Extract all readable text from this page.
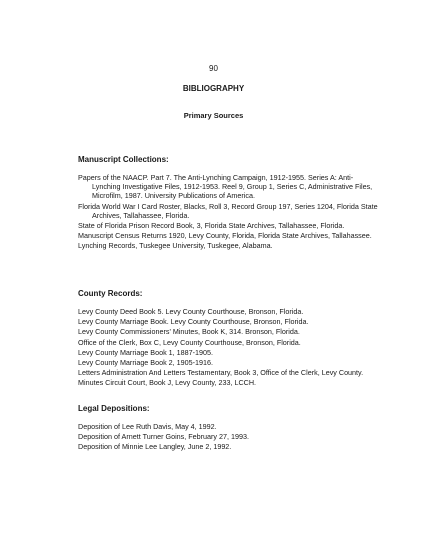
90
BIBLIOGRAPHY
Primary Sources
Manuscript Collections:

Papers of the NAACP. Part 7. The Anti-Lynching Campaign, 1912-1955. Series A: Anti-Lynching Investigative Files, 1912-1953. Reel 9, Group 1, Series C, Administrative Files, Microfilm, 1987. University Publications of America.

Florida World War I Card Roster, Blacks, Roll 3, Record Group 197, Series 1204, Florida State Archives, Tallahassee, Florida.

State of Florida Prison Record Book, 3, Florida State Archives, Tallahassee, Florida.

Manuscript Census Returns 1920, Levy County, Florida, Florida State Archives, Tallahassee.

Lynching Records, Tuskegee University, Tuskegee, Alabama.

County Records:

Levy County Deed Book 5. Levy County Courthouse, Bronson, Florida.

Levy County Marriage Book. Levy County Courthouse, Bronson, Florida.

Levy County Commissioners' Minutes, Book K, 314. Bronson, Florida.

Office of the Clerk, Box C, Levy County Courthouse, Bronson, Florida.

Levy County Marriage Book 1, 1887-1905.

Levy County Marriage Book 2, 1905-1916.

Letters Administration And Letters Testamentary, Book 3, Office of the Clerk, Levy County.

Minutes Circuit Court, Book J, Levy County, 233, LCCH.

Legal Depositions:

Deposition of Lee Ruth Davis, May 4, 1992.

Deposition of Arnett Turner Goins, February 27, 1993.

Deposition of Minnie Lee Langley, June 2, 1992.
